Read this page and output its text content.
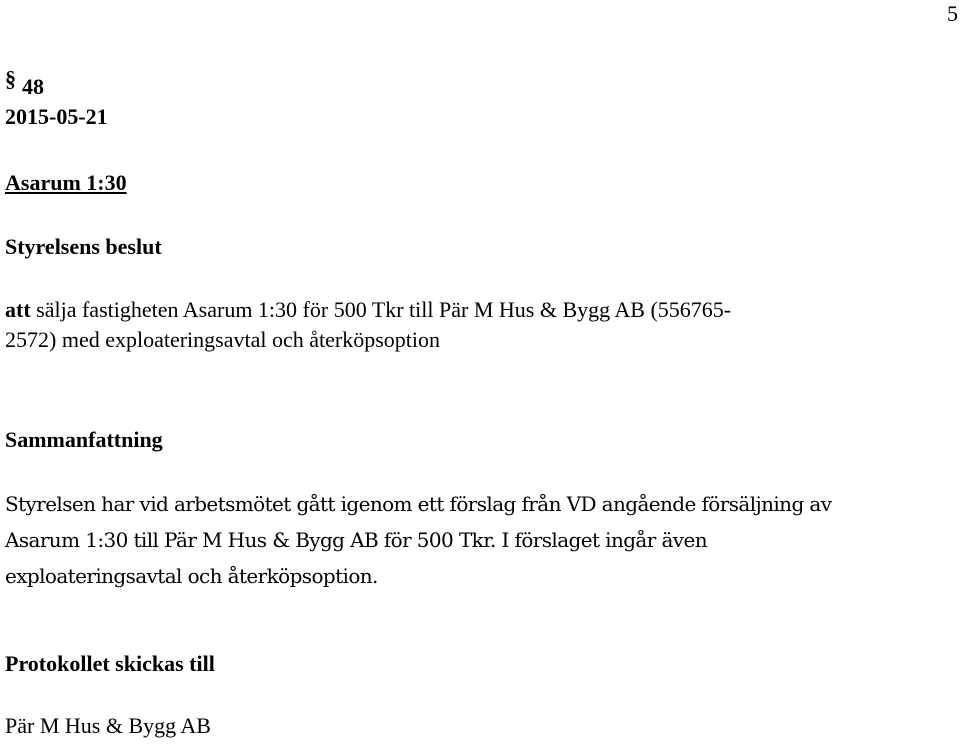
5
§ 48
2015-05-21
Asarum 1:30
Styrelsens beslut
att sälja fastigheten Asarum 1:30 för 500 Tkr till Pär M Hus & Bygg AB (556765-
2572) med exploateringsavtal och återköpsoption
Sammanfattning
Styrelsen har vid arbetsmötet gått igenom ett förslag från VD angående försäljning av
Asarum 1:30 till Pär M Hus & Bygg AB för 500 Tkr. I förslaget ingår även
exploateringsavtal och återköpsoption.
Protokollet skickas till
Pär M Hus & Bygg AB
